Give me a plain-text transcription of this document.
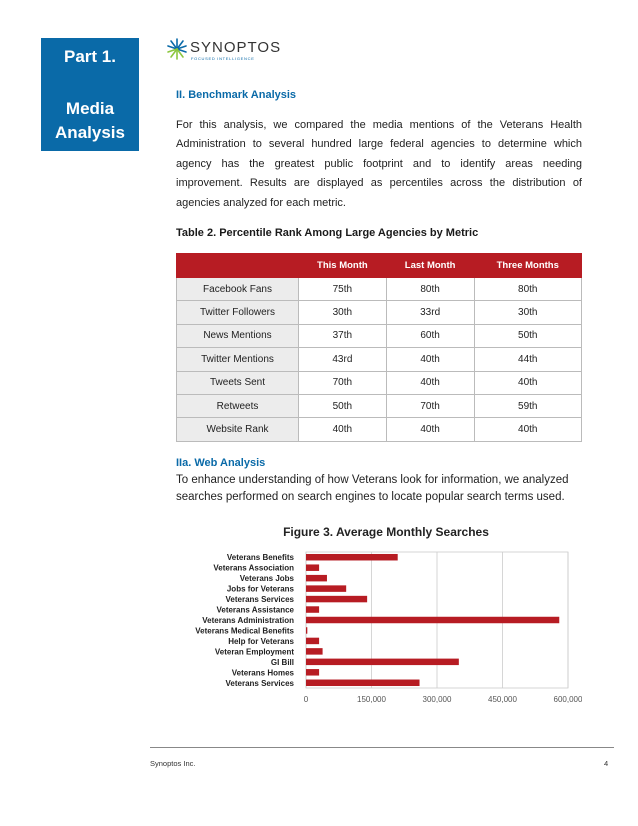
Part 1.
Media
Analysis
SYNOPTOS
FOCUSED INTELLIGENCE
II. Benchmark Analysis
For this analysis, we compared the media mentions of the Veterans Health Administration to several hundred large federal agencies to determine which agency has the greatest public footprint and to identify areas needing improvement. Results are displayed as percentiles across the distribution of agencies analyzed for each metric.
Table 2. Percentile Rank Among Large Agencies by Metric
	This Month	Last Month	Three Months
Facebook Fans	75th	80th	80th
Twitter Followers	30th	33rd	30th
News Mentions	37th	60th	50th
Twitter Mentions	43rd	40th	44th
Tweets Sent	70th	40th	40th
Retweets	50th	70th	59th
Website Rank	40th	40th	40th
IIa. Web Analysis
To enhance understanding of how Veterans look for information, we analyzed searches performed on search engines to locate popular search terms used.
Figure 3. Average Monthly Searches
Veterans Benefits
Veterans Association
Veterans Jobs
Jobs for Veterans
Veterans Services
Veterans Assistance
Veterans Administration
Veterans Medical Benefits
Help for Veterans
Veteran Employment
GI Bill
Veterans Homes
Veterans Services
0	150,000	300,000	450,000	600,000
Synoptos Inc.	4
